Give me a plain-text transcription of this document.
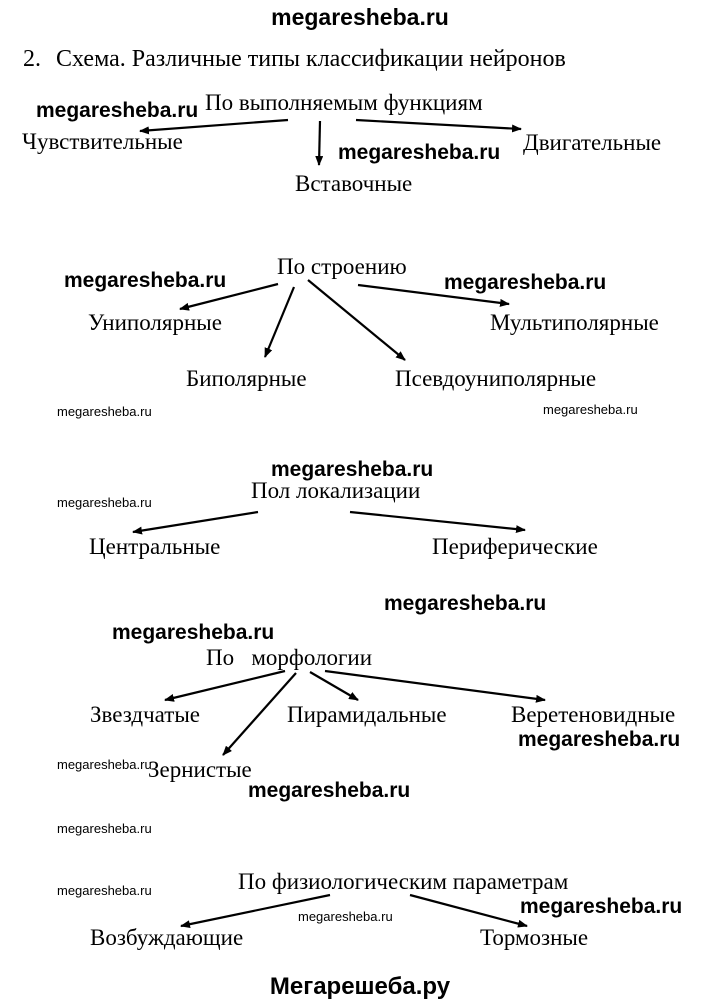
megaresheba.ru
2. Схема. Различные типы классификации нейронов
По выполняемым функциям
Чувствительные
Вставочные
Двигательные
По строению
Униполярные
Биполярные	Псевдоуниполярные
Мультиполярные
Пол локализации
Центральные	Периферические
По   морфологии
Звездчатые
Зернистые
Пирамидальные	Веретеновидные
По физиологическим параметрам
Возбуждающие	Тормозные
megaresheba.ru
megaresheba.ru
megaresheba.ru	megaresheba.ru
megaresheba.ru	megaresheba.ru
megaresheba.ru
megaresheba.ru
megaresheba.ru
megaresheba.ru
megaresheba.ru
megaresheba.ru
megaresheba.ru
megaresheba.ru
megaresheba.ru
megaresheba.ru	megaresheba.ru
Мегарешеба.ру
